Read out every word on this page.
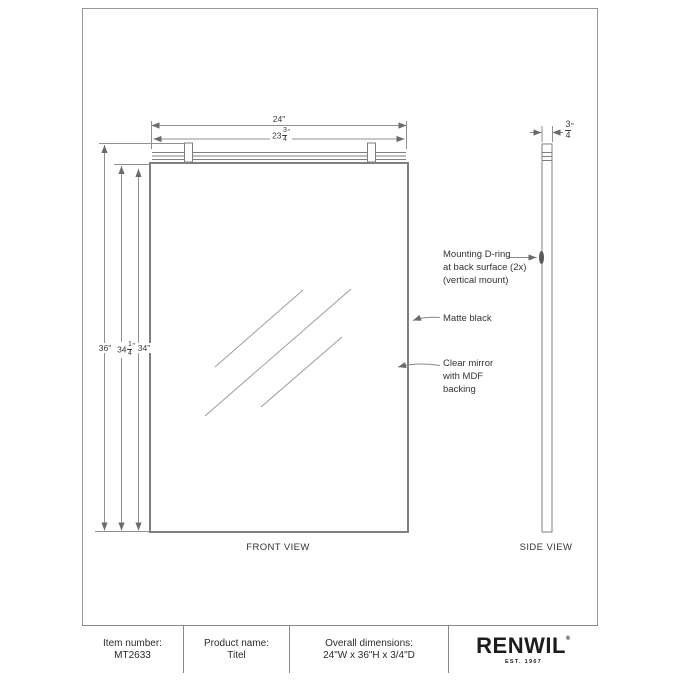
24"
$23 \frac{3}{4} ^"$
36" $34 \frac{1}{4} ^"$ 34"
$\frac{3}{4} ^"$
Mounting D-ring
at back surface (2x)
(vertical mount)
Matte black
Clear mirror
with MDF
backing
FRONT VIEW	SIDE VIEW
Item number:
MT2633
Product name:
Titel
Overall dimensions:
24"W x 36"H x 3/4"D	RENWIL ®
EST. 1967
